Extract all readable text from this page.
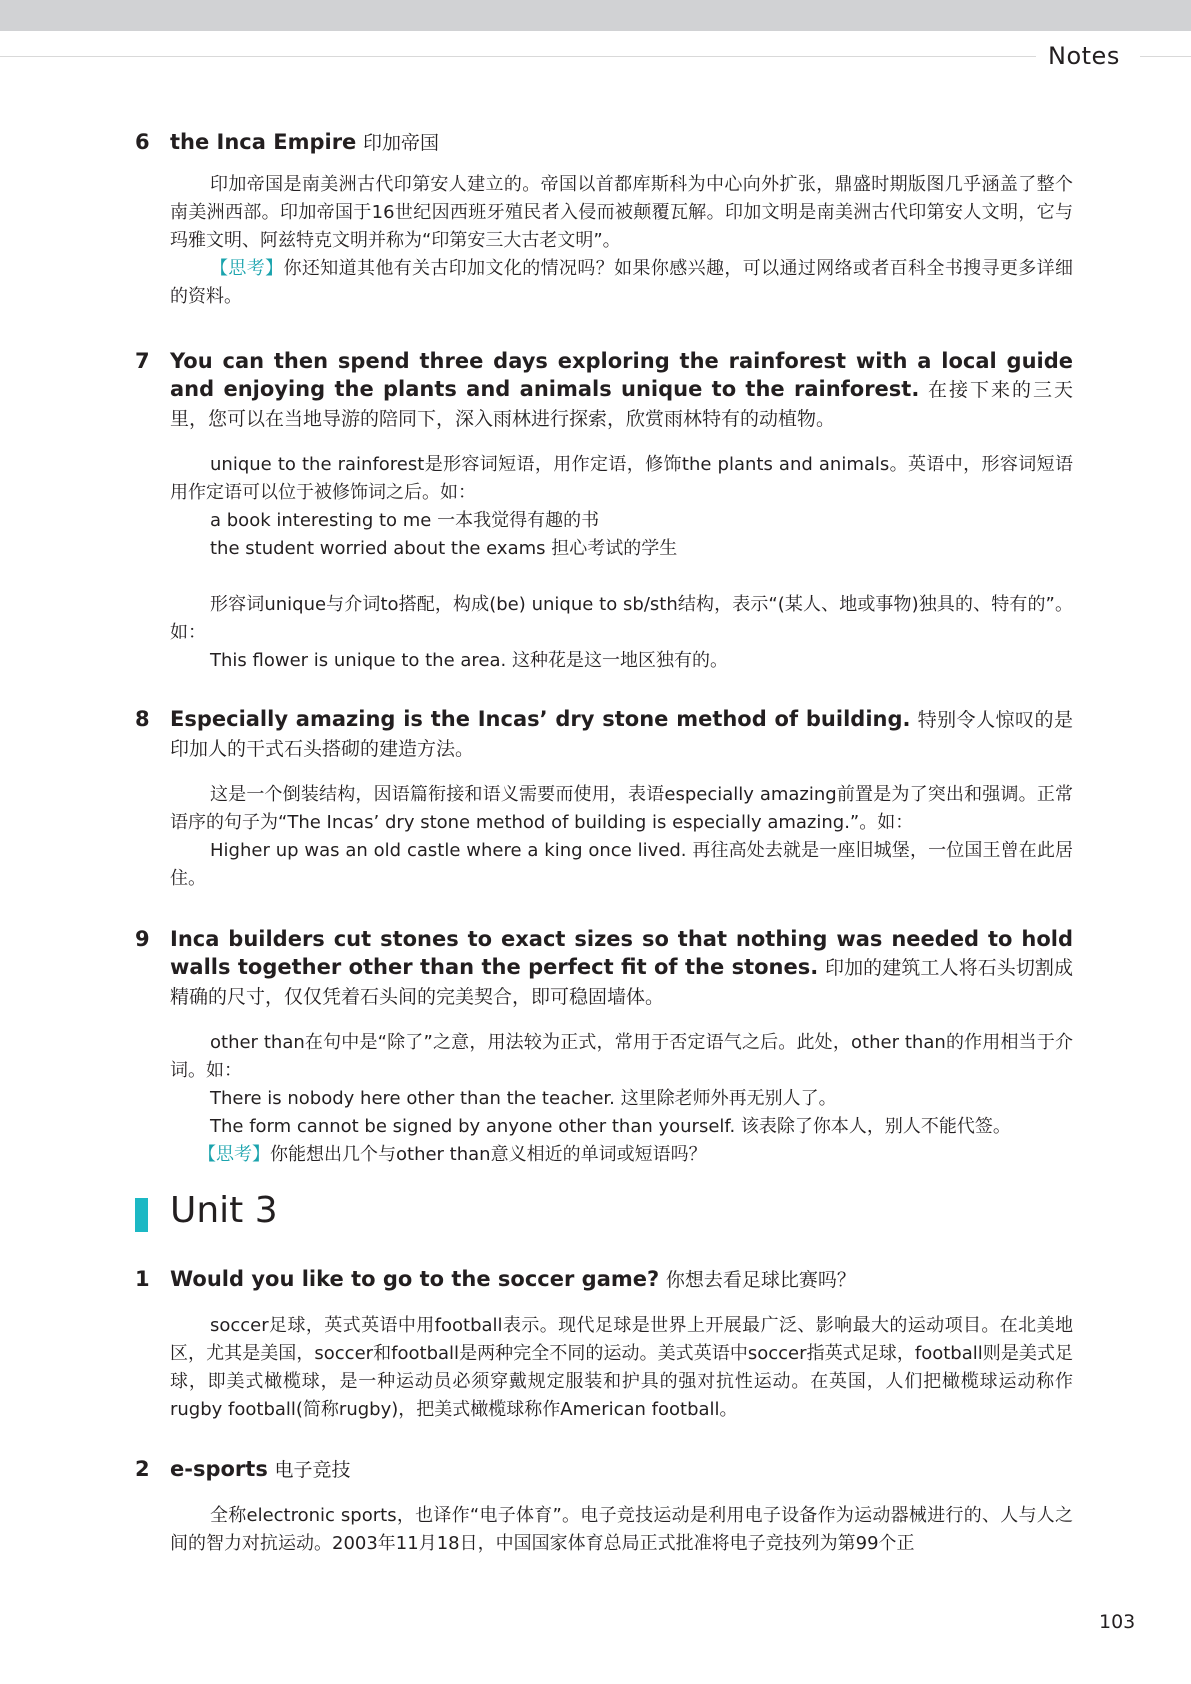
Notes
6 the Inca Empire 印加帝国
印加帝国是南美洲古代印第安人建立的。帝国以首都库斯科为中心向外扩张，鼎盛时期版图几乎涵盖了整个南美洲西部。印加帝国于16世纪因西班牙殖民者入侵而被颠覆瓦解。印加文明是南美洲古代印第安人文明，它与玛雅文明、阿兹特克文明并称为“印第安三大古老文明”。
【思考】你还知道其他有关古印加文化的情况吗？如果你感兴趣，可以通过网络或者百科全书搜寻更多详细的资料。
7 You can then spend three days exploring the rainforest with a local guide and enjoying the plants and animals unique to the rainforest. 在接下来的三天里，您可以在当地导游的陪同下，深入雨林进行探索，欣赏雨林特有的动植物。
unique to the rainforest是形容词短语，用作定语，修饰the plants and animals。英语中，形容词短语用作定语可以位于被修饰词之后。如：
a book interesting to me 一本我觉得有趣的书
the student worried about the exams 担心考试的学生
形容词unique与介词to搭配，构成(be) unique to sb/sth结构，表示“(某人、地或事物)独具的、特有的”。如：
This flower is unique to the area. 这种花是这一地区独有的。
8 Especially amazing is the Incas’ dry stone method of building. 特别令人惊叹的是印加人的干式石头搭砌的建造方法。
这是一个倒装结构，因语篇衔接和语义需要而使用，表语especially amazing前置是为了突出和强调。正常语序的句子为“The Incas’ dry stone method of building is especially amazing.”。如：
Higher up was an old castle where a king once lived. 再往高处去就是一座旧城堡，一位国王曾在此居住。
9 Inca builders cut stones to exact sizes so that nothing was needed to hold walls together other than the perfect fit of the stones. 印加的建筑工人将石头切割成精确的尺寸，仅仅凭着石头间的完美契合，即可稳固墙体。
other than在句中是“除了”之意，用法较为正式，常用于否定语气之后。此处，other than的作用相当于介词。如：
There is nobody here other than the teacher. 这里除老师外再无别人了。
The form cannot be signed by anyone other than yourself. 该表除了你本人，别人不能代签。
【思考】你能想出几个与other than意义相近的单词或短语吗？
Unit 3
1 Would you like to go to the soccer game? 你想去看足球比赛吗？
soccer足球，英式英语中用football表示。现代足球是世界上开展最广泛、影响最大的运动项目。在北美地区，尤其是美国，soccer和football是两种完全不同的运动。美式英语中soccer指英式足球，football则是美式足球，即美式橄榄球，是一种运动员必须穿戴规定服装和护具的强对抗性运动。在英国，人们把橄榄球运动称作rugby football(简称rugby)，把美式橄榄球称作American football。
2 e-sports 电子竞技
全称electronic sports，也译作“电子体育”。电子竞技运动是利用电子设备作为运动器械进行的、人与人之间的智力对抗运动。2003年11月18日，中国国家体育总局正式批准将电子竞技列为第99个正
103
